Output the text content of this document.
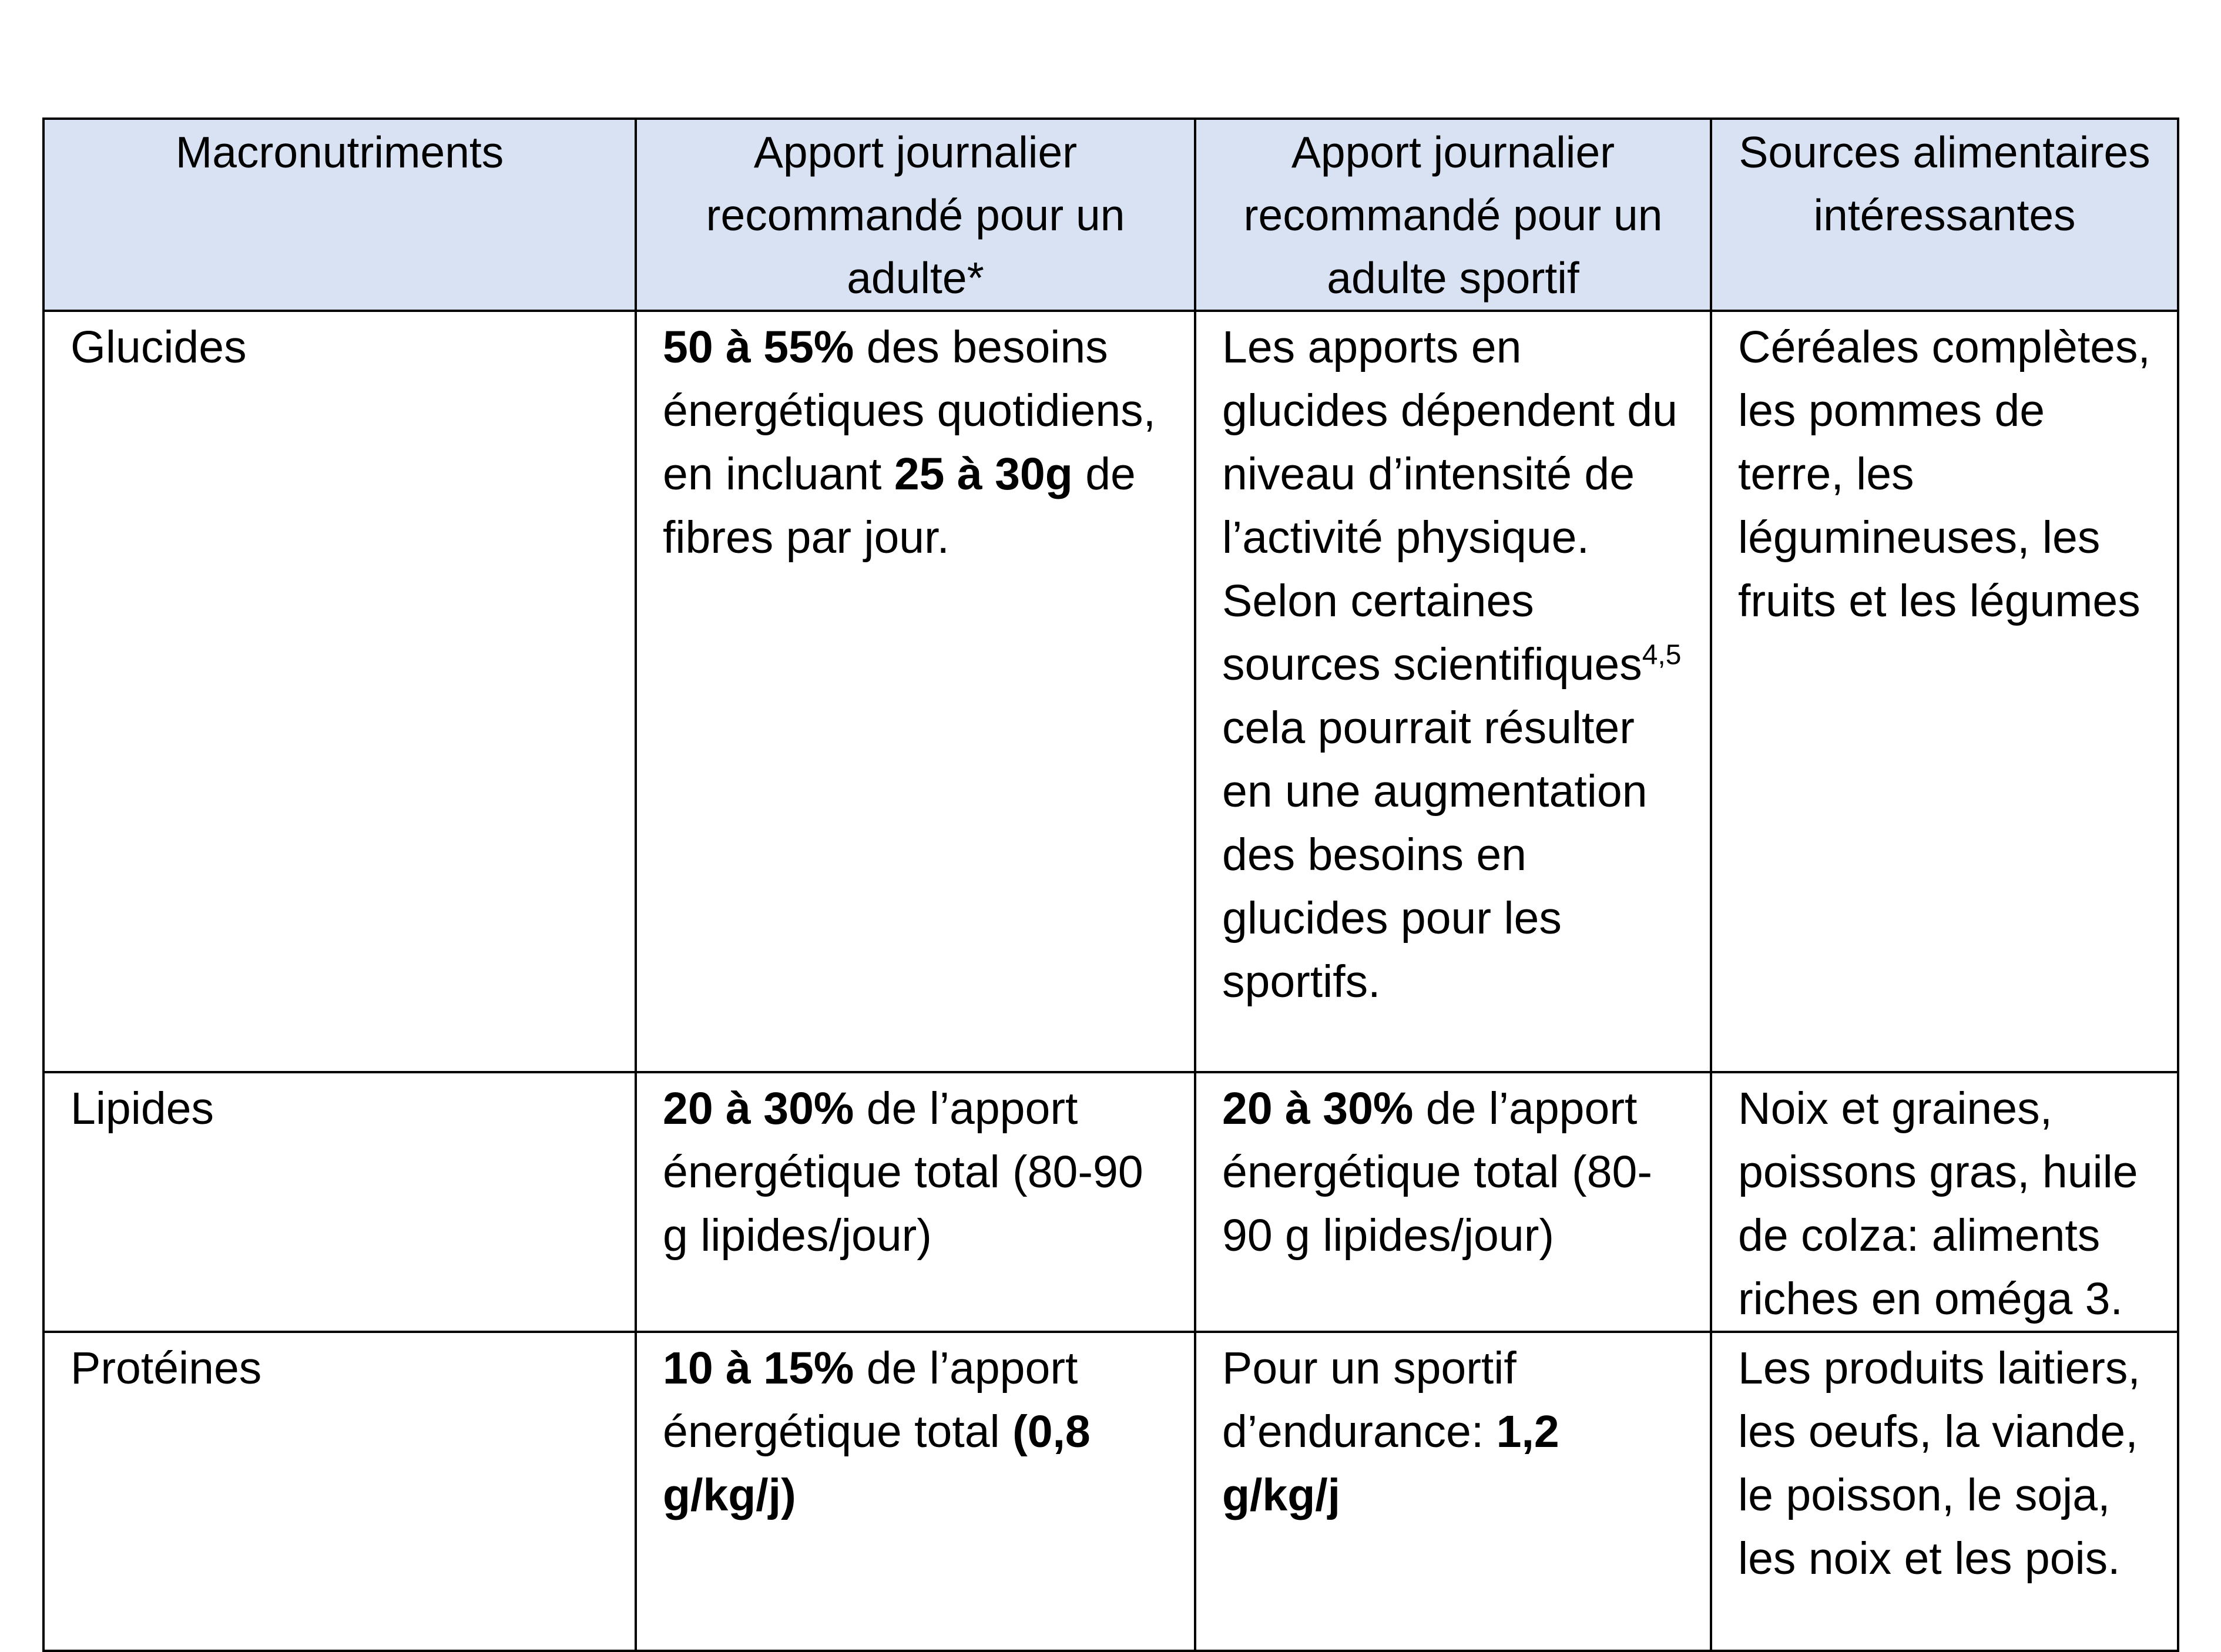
Macronutriments	Apport journalier recommandé pour un adulte*	Apport journalier recommandé pour un adulte sportif	Sources alimentaires intéressantes
Glucides	50 à 55% des besoins énergétiques quotidiens, en incluant 25 à 30g de fibres par jour.	Les apports en glucides dépendent du niveau d’intensité de l’activité physique. Selon certaines sources scientifiques$^{4,5}$ cela pourrait résulter en une augmentation des besoins en glucides pour les sportifs.	Céréales complètes, les pommes de terre, les légumineuses, les fruits et les légumes
Lipides	20 à 30% de l’apport énergétique total (80-90 g lipides/jour)	20 à 30% de l’apport énergétique total (80-90 g lipides/jour)	Noix et graines, poissons gras, huile de colza: aliments riches en oméga 3.
Protéines	10 à 15% de l’apport énergétique total (0,8 g/kg/j)	Pour un sportif d’endurance: 1,2 g/kg/j	Les produits laitiers, les oeufs, la viande, le poisson, le soja, les noix et les pois.
